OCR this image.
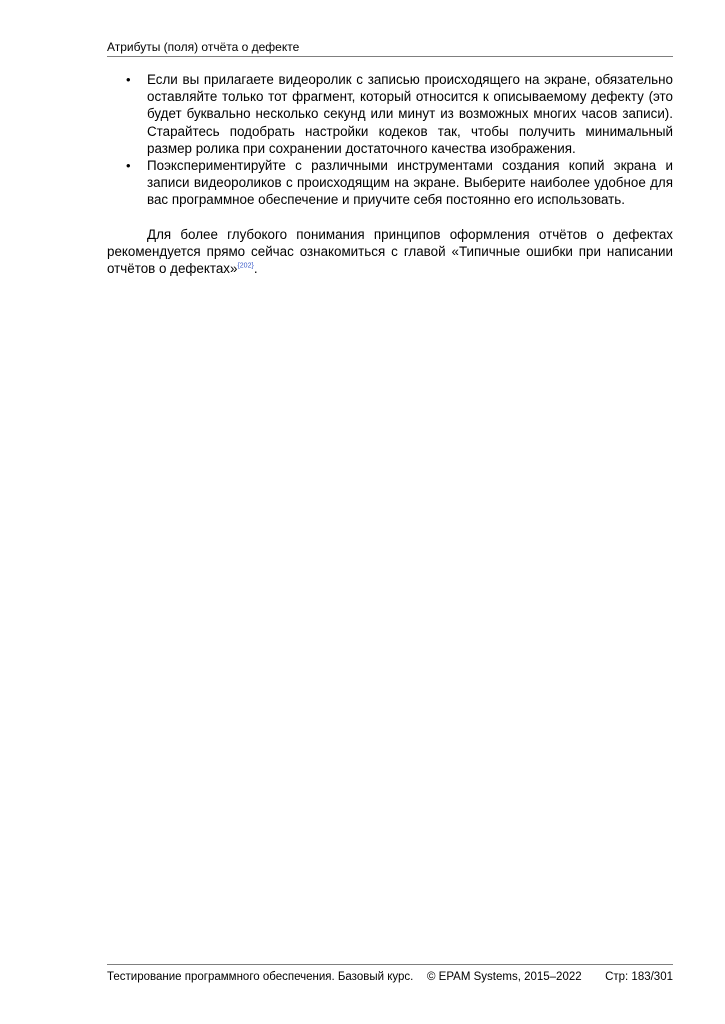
Атрибуты (поля) отчёта о дефекте
• Если вы прилагаете видеоролик с записью происходящего на экране, обязательно оставляйте только тот фрагмент, который относится к описываемому дефекту (это будет буквально несколько секунд или минут из возможных многих часов записи). Старайтесь подобрать настройки кодеков так, чтобы получить минимальный размер ролика при сохранении достаточного качества изображения.
• Поэкспериментируйте с различными инструментами создания копий экрана и записи видеороликов с происходящим на экране. Выберите наиболее удобное для вас программное обеспечение и приучите себя постоянно его использовать.

Для более глубокого понимания принципов оформления отчётов о дефектах рекомендуется прямо сейчас ознакомиться с главой «Типичные ошибки при написании отчётов о дефектах»$^{\{202\}}$.

Тестирование программного обеспечения. Базовый курс. © EPAM Systems, 2015–2022 Стр: 183/301
